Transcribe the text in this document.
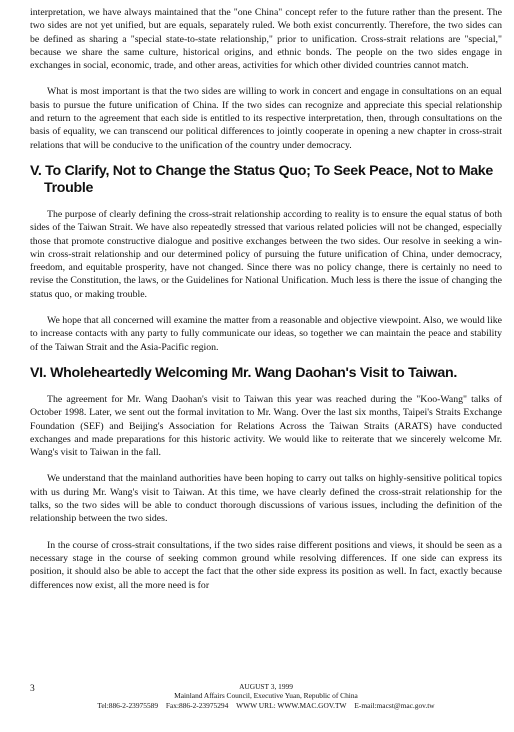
interpretation, we have always maintained that the "one China" concept refer to the future rather than the present. The two sides are not yet unified, but are equals, separately ruled. We both exist concurrently. Therefore, the two sides can be defined as sharing a "special state-to-state relationship," prior to unification. Cross-strait relations are "special," because we share the same culture, historical origins, and ethnic bonds. The people on the two sides engage in exchanges in social, economic, trade, and other areas, activities for which other divided countries cannot match.

What is most important is that the two sides are willing to work in concert and engage in consultations on an equal basis to pursue the future unification of China. If the two sides can recognize and appreciate this special relationship and return to the agreement that each side is entitled to its respective interpretation, then, through consultations on the basis of equality, we can transcend our political differences to jointly cooperate in opening a new chapter in cross-strait relations that will be conducive to the unification of the country under democracy.

V. To Clarify, Not to Change the Status Quo; To Seek Peace, Not to Make
Trouble

The purpose of clearly defining the cross-strait relationship according to reality is to ensure the equal status of both sides of the Taiwan Strait. We have also repeatedly stressed that various related policies will not be changed, especially those that promote constructive dialogue and positive exchanges between the two sides. Our resolve in seeking a win-win cross-strait relationship and our determined policy of pursuing the future unification of China, under democracy, freedom, and equitable prosperity, have not changed. Since there was no policy change, there is certainly no need to revise the Constitution, the laws, or the Guidelines for National Unification. Much less is there the issue of changing the status quo, or making trouble.

We hope that all concerned will examine the matter from a reasonable and objective viewpoint. Also, we would like to increase contacts with any party to fully communicate our ideas, so together we can maintain the peace and stability of the Taiwan Strait and the Asia-Pacific region.

VI. Wholeheartedly Welcoming Mr. Wang Daohan's Visit to Taiwan.

The agreement for Mr. Wang Daohan's visit to Taiwan this year was reached during the "Koo-Wang" talks of October 1998. Later, we sent out the formal invitation to Mr. Wang. Over the last six months, Taipei's Straits Exchange Foundation (SEF) and Beijing's Association for Relations Across the Taiwan Straits (ARATS) have conducted exchanges and made preparations for this historic activity. We would like to reiterate that we sincerely welcome Mr. Wang's visit to Taiwan in the fall.

We understand that the mainland authorities have been hoping to carry out talks on highly-sensitive political topics with us during Mr. Wang's visit to Taiwan. At this time, we have clearly defined the cross-strait relationship for the talks, so the two sides will be able to conduct thorough discussions of various issues, including the definition of the relationship between the two sides.

In the course of cross-strait consultations, if the two sides raise different positions and views, it should be seen as a necessary stage in the course of seeking common ground while resolving differences. If one side can express its position, it should also be able to accept the fact that the other side express its position as well. In fact, exactly because differences now exist, all the more need is for

3	AUGUST 3, 1999
Mainland Affairs Council, Executive Yuan, Republic of China
Tel:886-2-23975589 Fax:886-2-23975294 WWW URL: WWW.MAC.GOV.TW E-mail:macst@mac.gov.tw
